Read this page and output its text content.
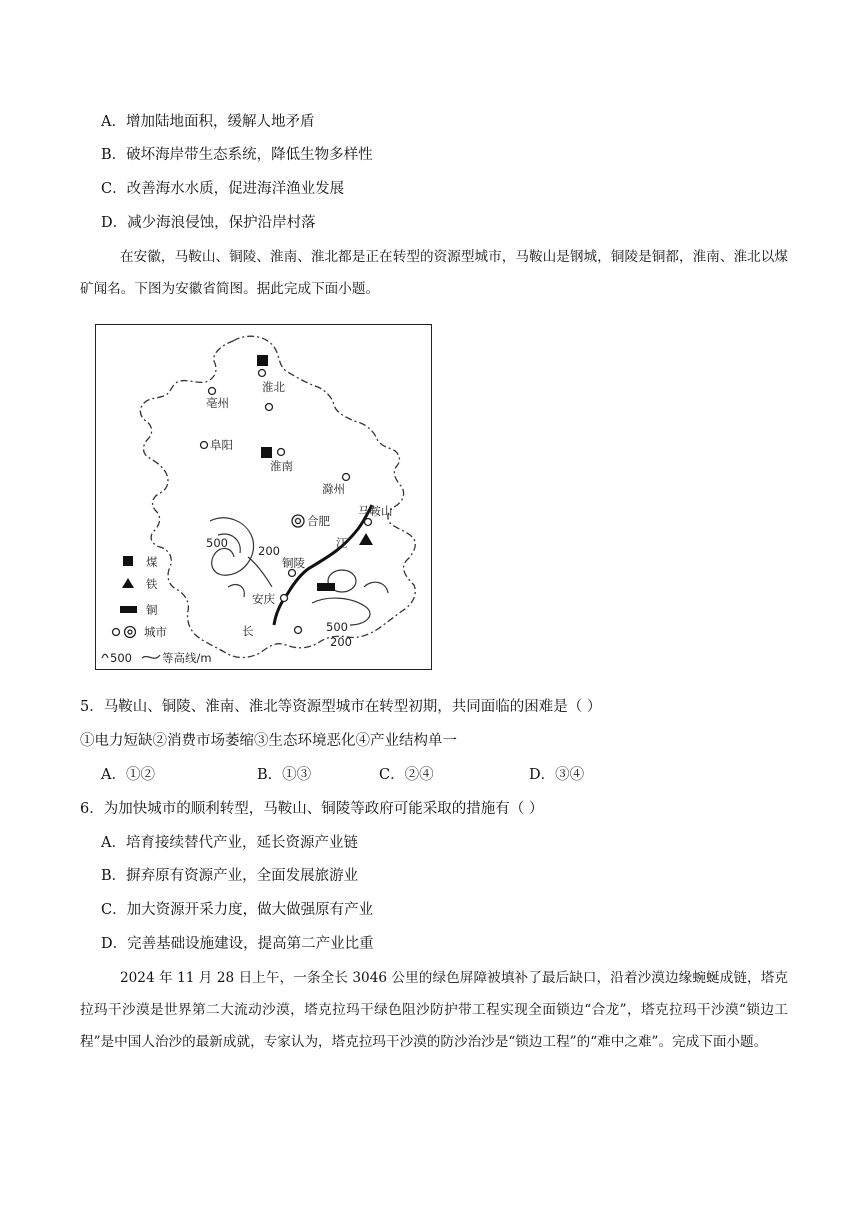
A．增加陆地面积，缓解人地矛盾
B．破坏海岸带生态系统，降低生物多样性
C．改善海水水质，促进海洋渔业发展
D．减少海浪侵蚀，保护沿岸村落
在安徽，马鞍山、铜陵、淮南、淮北都是正在转型的资源型城市，马鞍山是钢城，铜陵是铜都，淮南、淮北以煤矿闻名。下图为安徽省简图。据此完成下面小题。
淮北
亳州
阜阳
淮南
滁州
马鞍山
合肥
铜陵
安庆
江
长
500
200
500
200
煤
铁
铜
城市
500	等高线/m
5．马鞍山、铜陵、淮南、淮北等资源型城市在转型初期，共同面临的困难是（ ）
①电力短缺②消费市场萎缩③生态环境恶化④产业结构单一
A．①②	B．①③	C．②④	D．③④
6．为加快城市的顺利转型，马鞍山、铜陵等政府可能采取的措施有（ ）
A．培育接续替代产业，延长资源产业链
B．摒弃原有资源产业，全面发展旅游业
C．加大资源开采力度，做大做强原有产业
D．完善基础设施建设，提高第二产业比重
2024 年 11 月 28 日上午，一条全长 3046 公里的绿色屏障被填补了最后缺口，沿着沙漠边缘蜿蜒成链，塔克拉玛干沙漠是世界第二大流动沙漠，塔克拉玛干绿色阻沙防护带工程实现全面锁边“合龙”，塔克拉玛干沙漠“锁边工程”是中国人治沙的最新成就，专家认为，塔克拉玛干沙漠的防沙治沙是“锁边工程”的“难中之难”。完成下面小题。
